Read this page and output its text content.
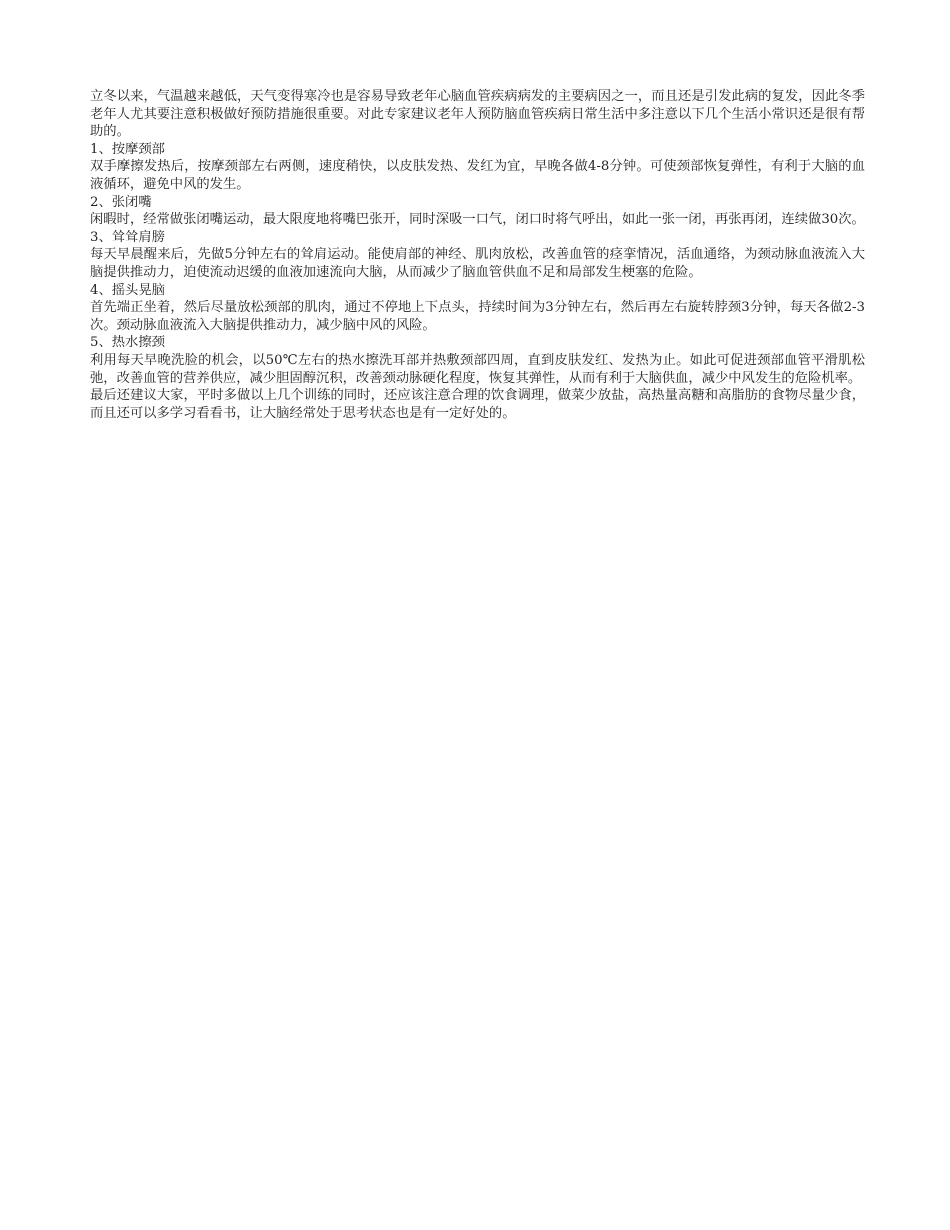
立冬以来，气温越来越低，天气变得寒冷也是容易导致老年心脑血管疾病病发的主要病因之一，而且还是引发此病的复发，因此冬季老年人尤其要注意积极做好预防措施很重要。对此专家建议老年人预防脑血管疾病日常生活中多注意以下几个生活小常识还是很有帮助的。

1、按摩颈部

双手摩擦发热后，按摩颈部左右两侧，速度稍快，以皮肤发热、发红为宜，早晚各做4-8分钟。可使颈部恢复弹性，有利于大脑的血液循环，避免中风的发生。

2、张闭嘴

闲暇时，经常做张闭嘴运动，最大限度地将嘴巴张开，同时深吸一口气，闭口时将气呼出，如此一张一闭，再张再闭，连续做30次。

3、耸耸肩膀

每天早晨醒来后，先做5分钟左右的耸肩运动。能使肩部的神经、肌肉放松，改善血管的痉挛情况，活血通络，为颈动脉血液流入大脑提供推动力，迫使流动迟缓的血液加速流向大脑，从而减少了脑血管供血不足和局部发生梗塞的危险。

4、摇头晃脑

首先端正坐着，然后尽量放松颈部的肌肉，通过不停地上下点头，持续时间为3分钟左右，然后再左右旋转脖颈3分钟，每天各做2-3次。颈动脉血液流入大脑提供推动力，减少脑中风的风险。

5、热水擦颈

利用每天早晚洗脸的机会，以50℃左右的热水擦洗耳部并热敷颈部四周，直到皮肤发红、发热为止。如此可促进颈部血管平滑肌松弛，改善血管的营养供应，减少胆固醇沉积，改善颈动脉硬化程度，恢复其弹性，从而有利于大脑供血，减少中风发生的危险机率。

最后还建议大家，平时多做以上几个训练的同时，还应该注意合理的饮食调理，做菜少放盐，高热量高糖和高脂肪的食物尽量少食，而且还可以多学习看看书，让大脑经常处于思考状态也是有一定好处的。
